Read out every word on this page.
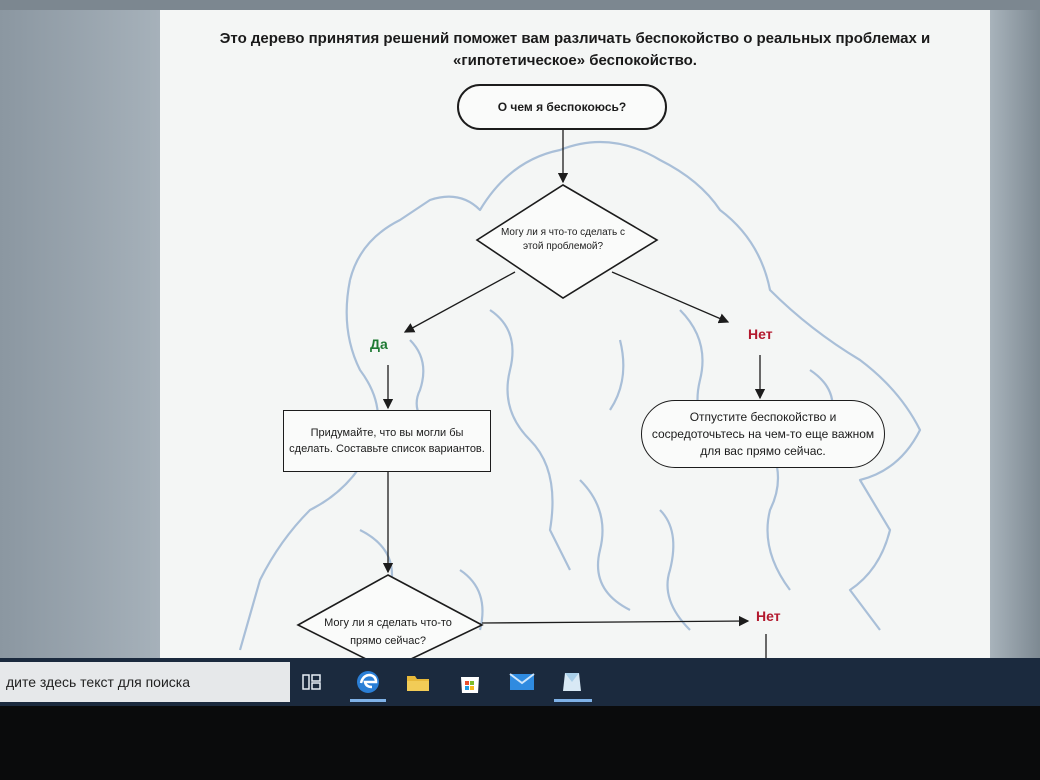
Это дерево принятия решений поможет вам различать беспокойство о реальных проблемах и «гипотетическое» беспокойство.
О чем я беспокоюсь?
Могу ли я что-то сделать с этой проблемой?
Да
Нет
Придумайте, что вы могли бы сделать. Составьте список вариантов.
Отпустите беспокойство и сосредоточьтесь на чем-то еще важном для вас прямо сейчас.
Могу ли я сделать что-то прямо сейчас?
Нет
дите здесь текст для поиска
